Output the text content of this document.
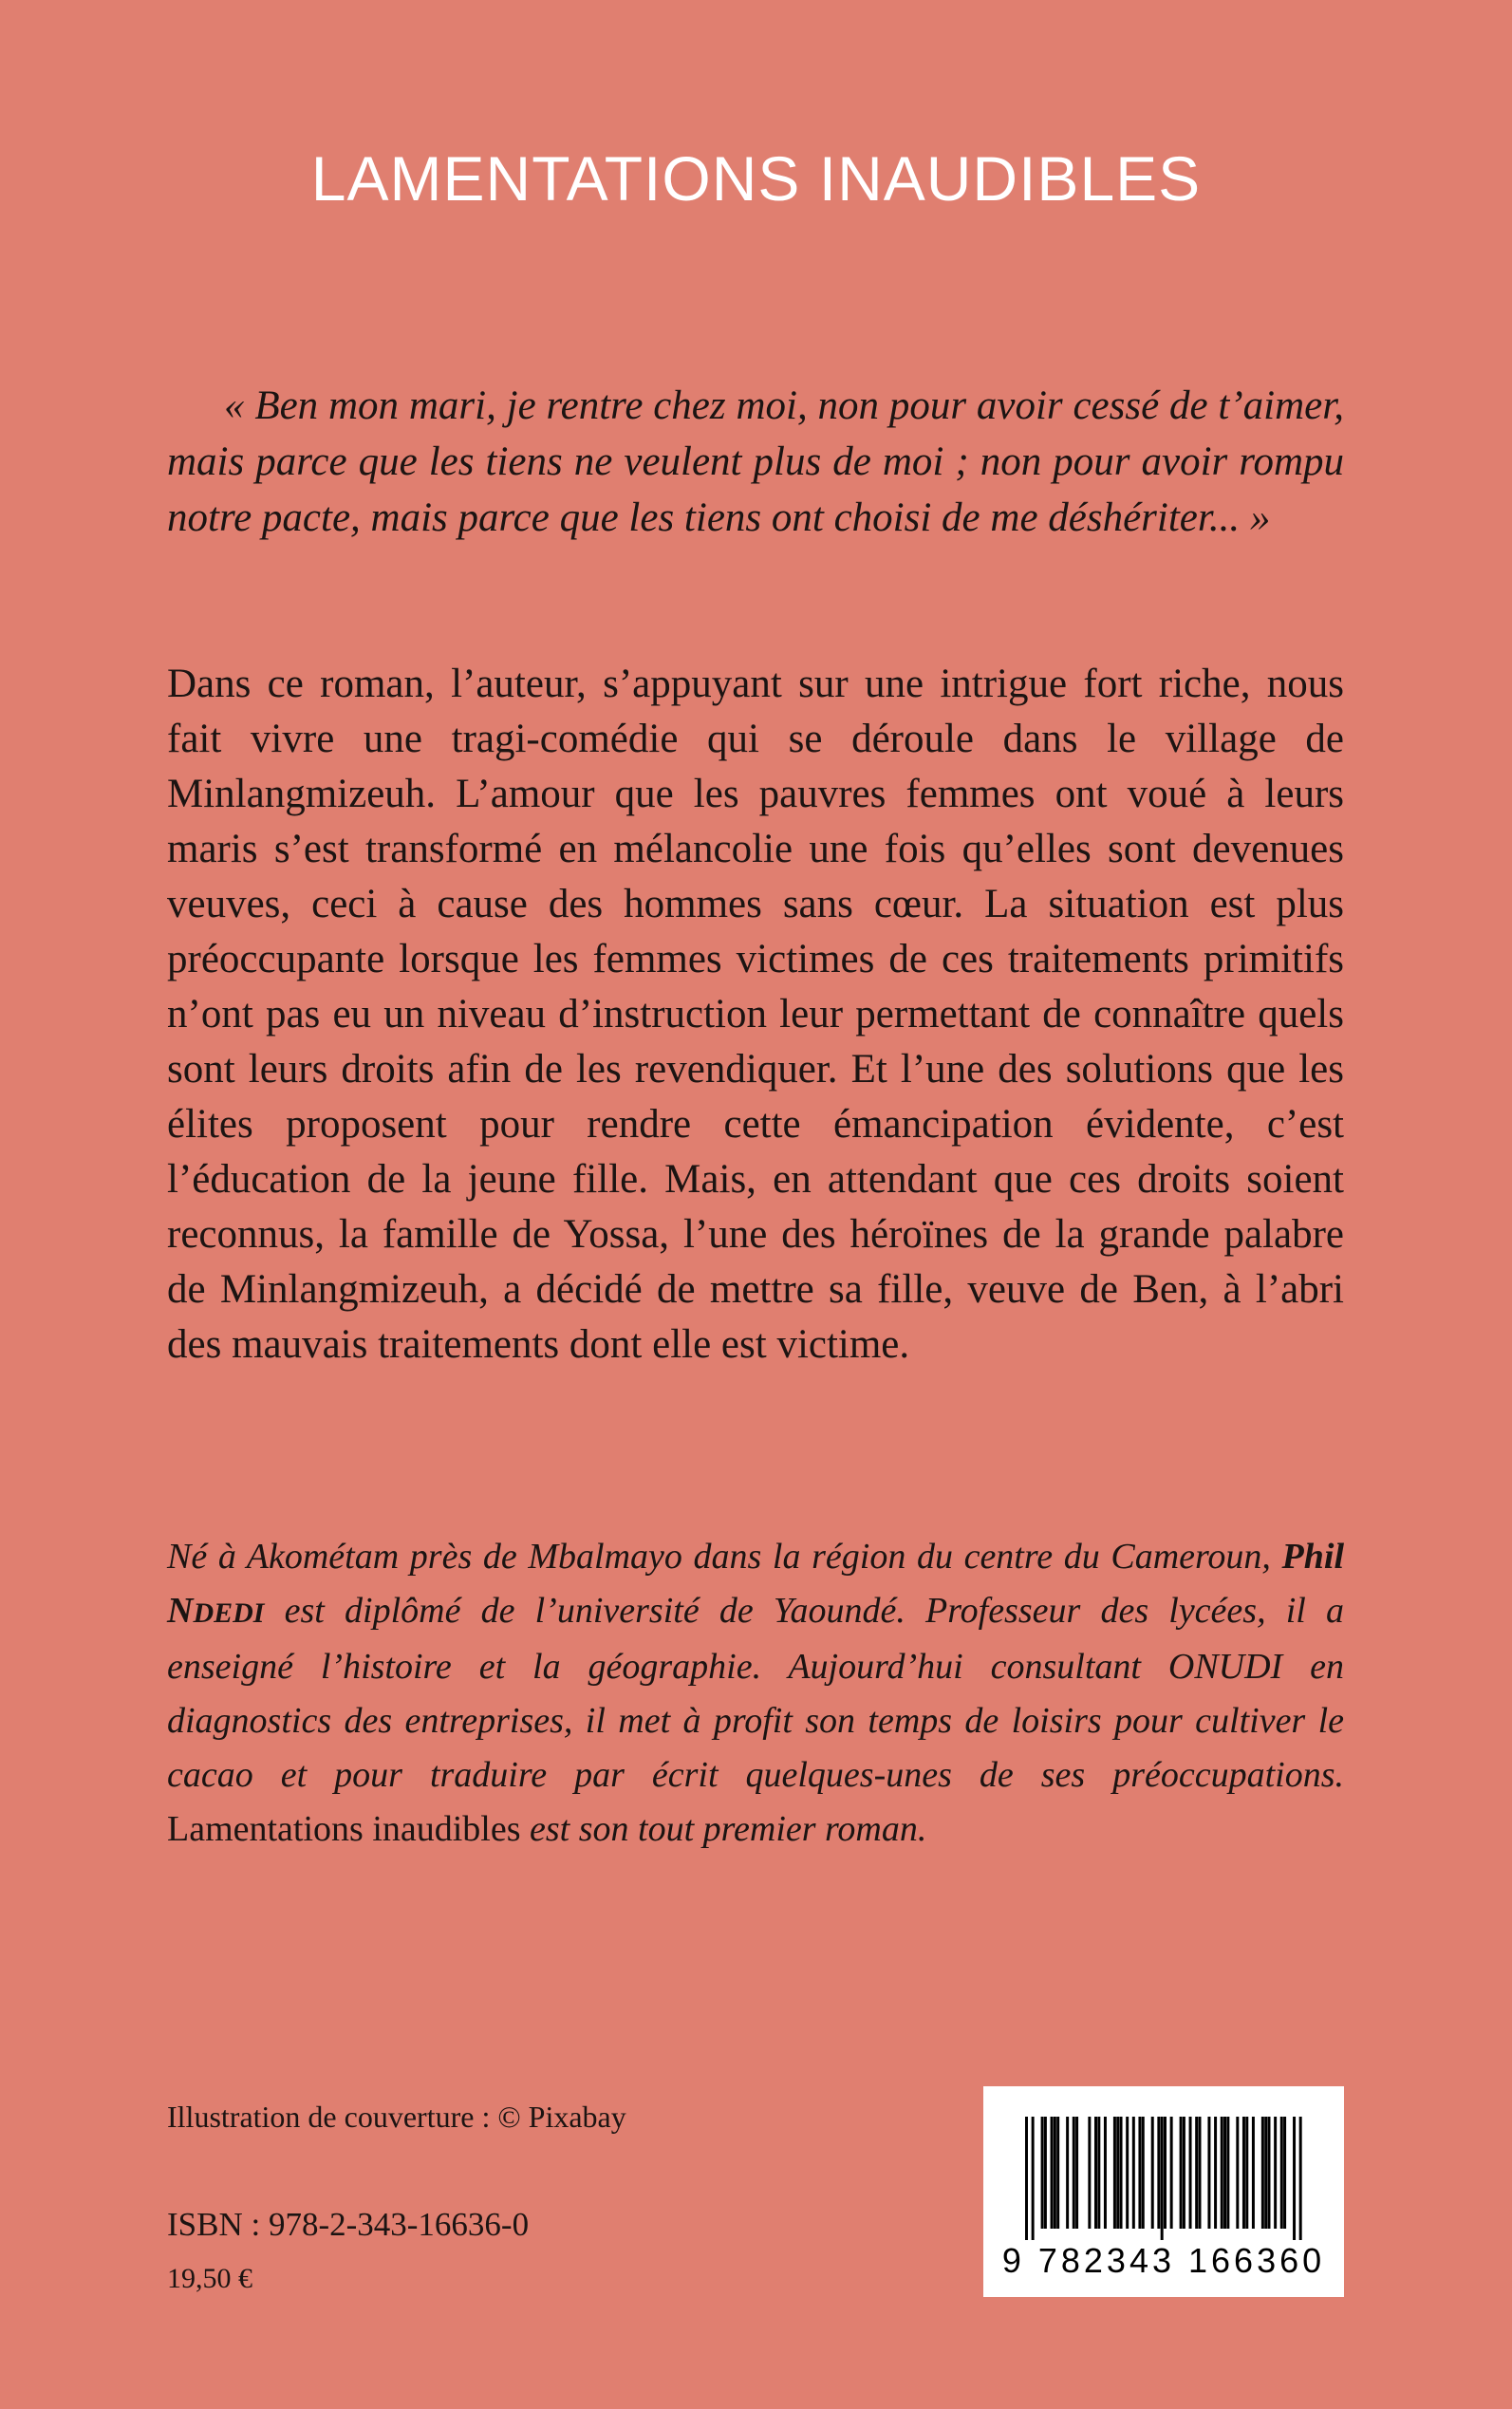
LAMENTATIONS INAUDIBLES

« Ben mon mari, je rentre chez moi, non pour avoir cessé de t’aimer, mais parce que les tiens ne veulent plus de moi ; non pour avoir rompu notre pacte, mais parce que les tiens ont choisi de me déshériter... »

Dans ce roman, l’auteur, s’appuyant sur une intrigue fort riche, nous fait vivre une tragi-comédie qui se déroule dans le village de Minlangmizeuh. L’amour que les pauvres femmes ont voué à leurs maris s’est transformé en mélancolie une fois qu’elles sont devenues veuves, ceci à cause des hommes sans cœur. La situation est plus préoccupante lorsque les femmes victimes de ces traitements primitifs n’ont pas eu un niveau d’instruction leur permettant de connaître quels sont leurs droits afin de les revendiquer. Et l’une des solutions que les élites proposent pour rendre cette émancipation évidente, c’est l’éducation de la jeune fille. Mais, en attendant que ces droits soient reconnus, la famille de Yossa, l’une des héroïnes de la grande palabre de Minlangmizeuh, a décidé de mettre sa fille, veuve de Ben, à l’abri des mauvais traitements dont elle est victime.

Né à Akométam près de Mbalmayo dans la région du centre du Cameroun, Phil NDEDI est diplômé de l’université de Yaoundé. Professeur des lycées, il a enseigné l’histoire et la géographie. Aujourd’hui consultant ONUDI en diagnostics des entreprises, il met à profit son temps de loisirs pour cultiver le cacao et pour traduire par écrit quelques-unes de ses préoccupations. Lamentations inaudibles est son tout premier roman.

Illustration de couverture : © Pixabay

ISBN : 978-2-343-16636-0

19,50 €	9 782343 166360
